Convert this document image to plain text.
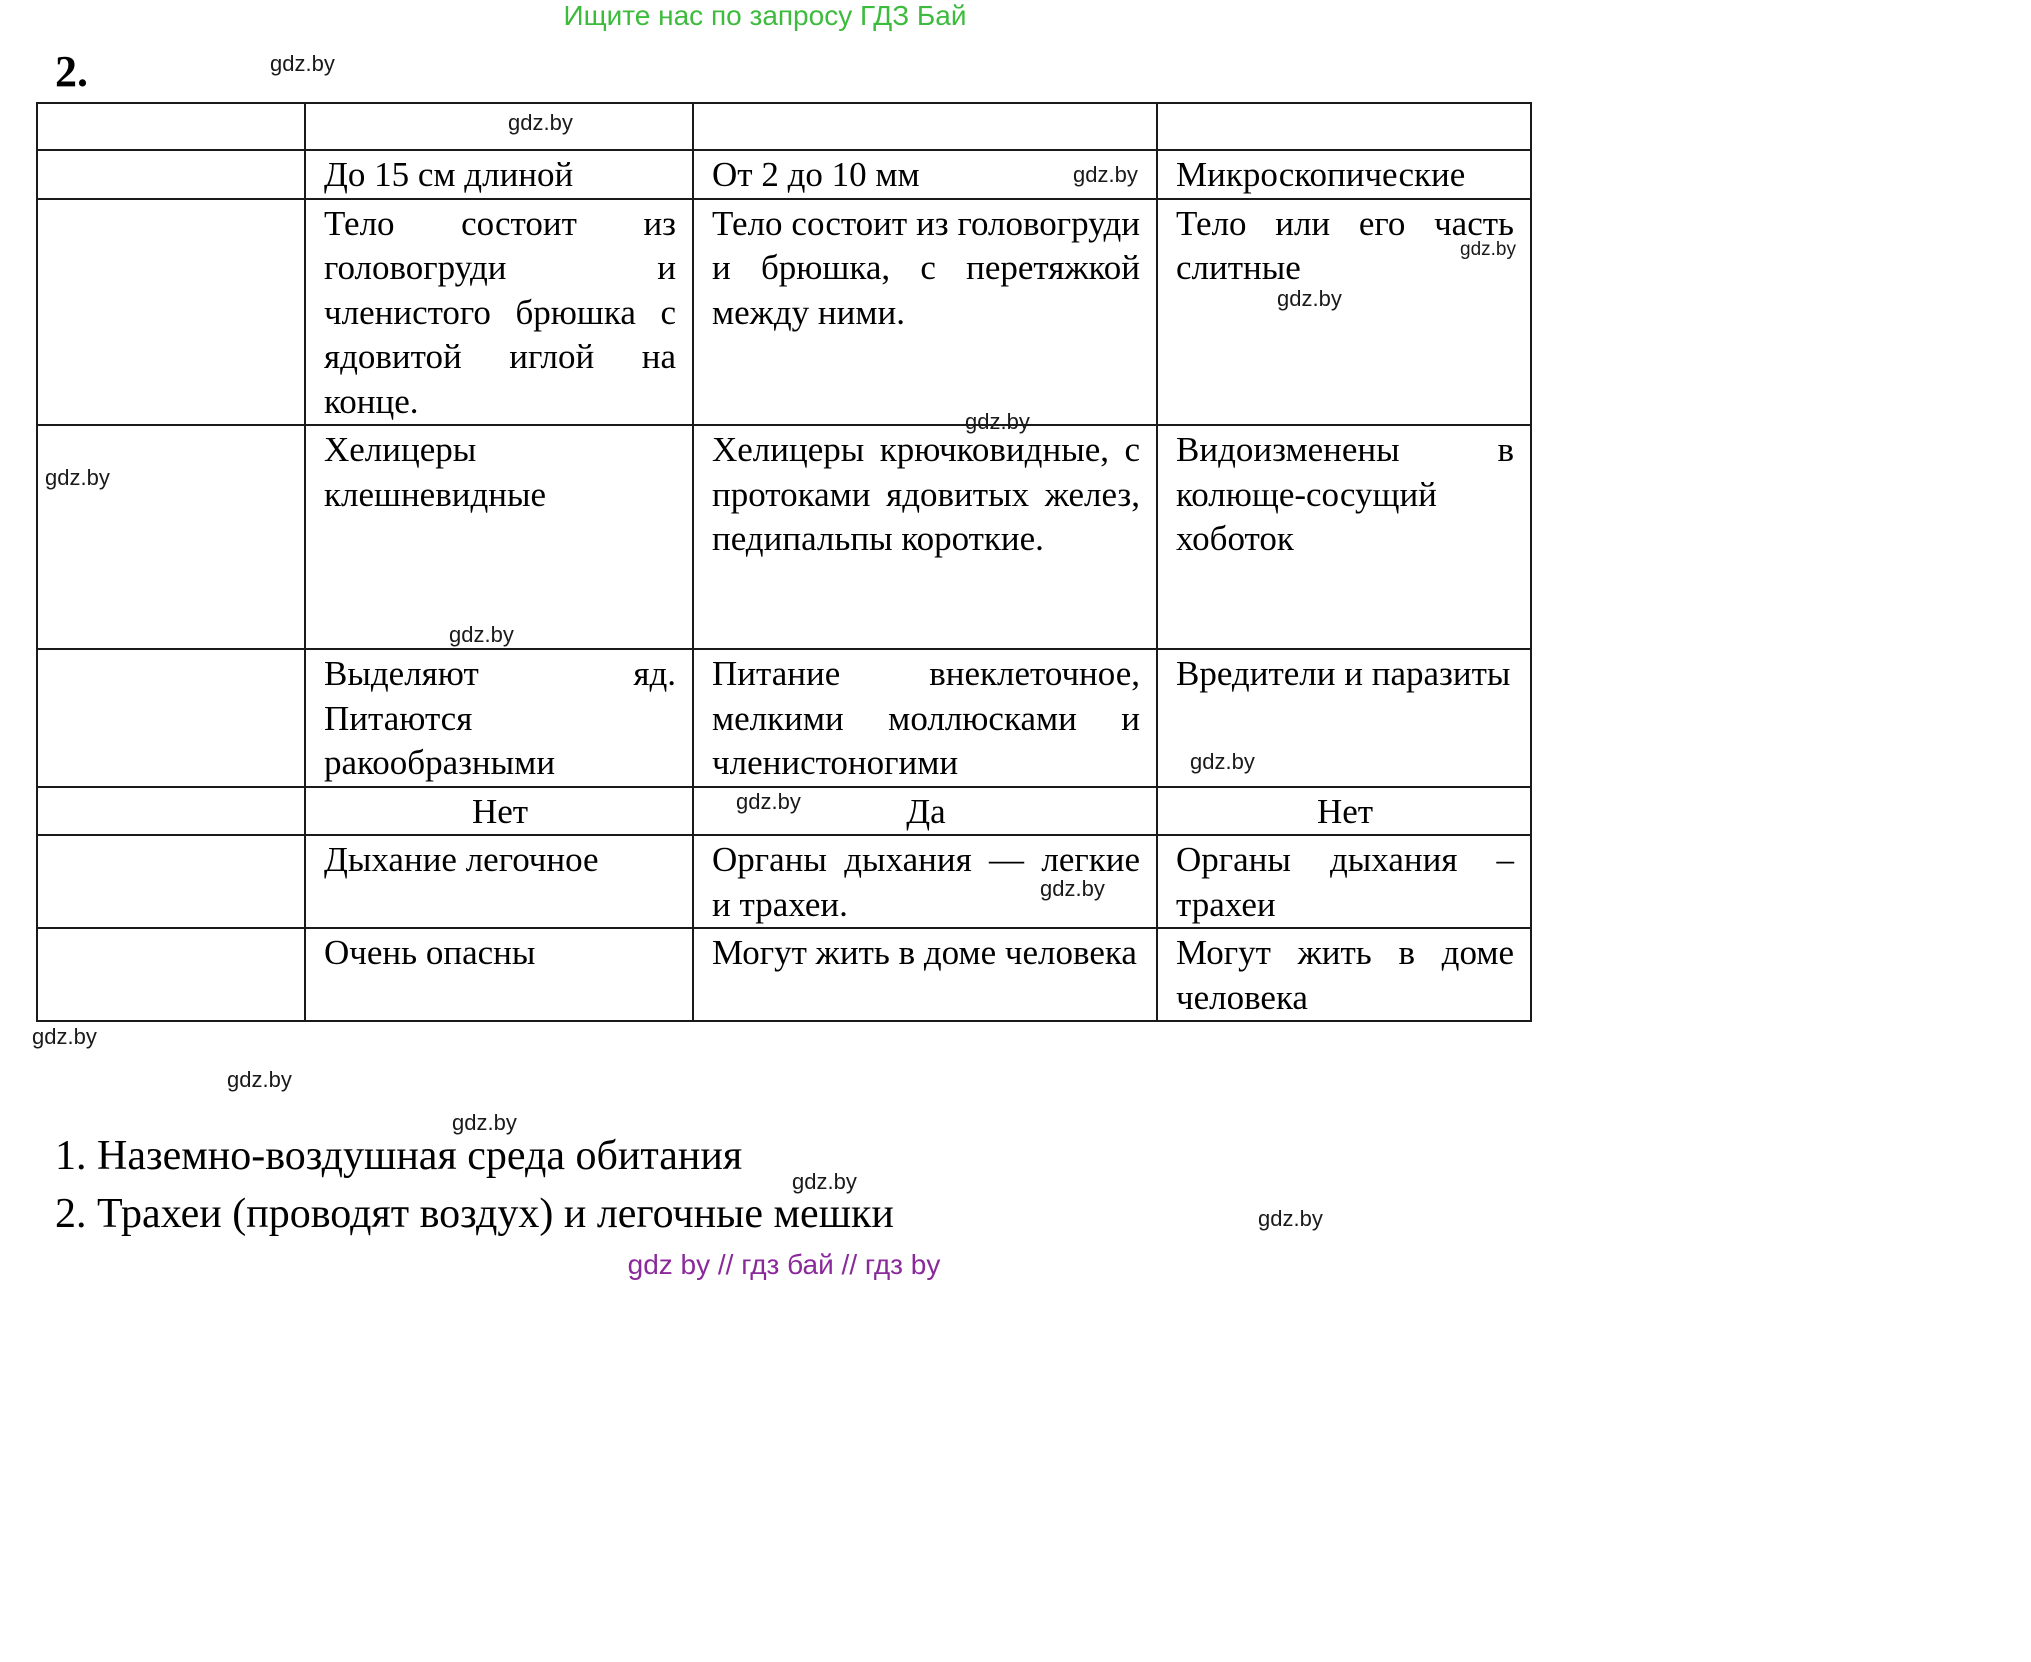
Ищите нас по запросу ГДЗ Бай
2.

	До 15 см длиной	От 2 до 10 мм	Микроскопические
	Тело состоит из головогруди и членистого брюшка с ядовитой иглой на конце.	Тело состоит из головогруди и брюшка, с перетяжкой между ними.	Тело или его часть слитные
	Хелицеры клешневидные	Хелицеры крючковидные, с протоками ядовитых желез, педипальпы короткие.	Видоизменены в колюще-сосущий хоботок
	Выделяют яд. Питаются ракообразными	Питание внеклеточное, мелкими моллюсками и членистоногими	Вредители и паразиты
	Нет	Да	Нет
	Дыхание легочное	Органы дыхания — легкие и трахеи.	Органы дыхания – трахеи
	Очень опасны	Могут жить в доме человека	Могут жить в доме человека
gdz.by
gdz.by
gdz.by
gdz.by
gdz.by
gdz.by
gdz.by
gdz.by
gdz.by
gdz.by
gdz.by
gdz.by
gdz.by
gdz.by
gdz.by
gdz.by
1. Наземно-воздушная среда обитания
2. Трахеи (проводят воздух) и легочные мешки
gdz by // гдз бай // гдз by
